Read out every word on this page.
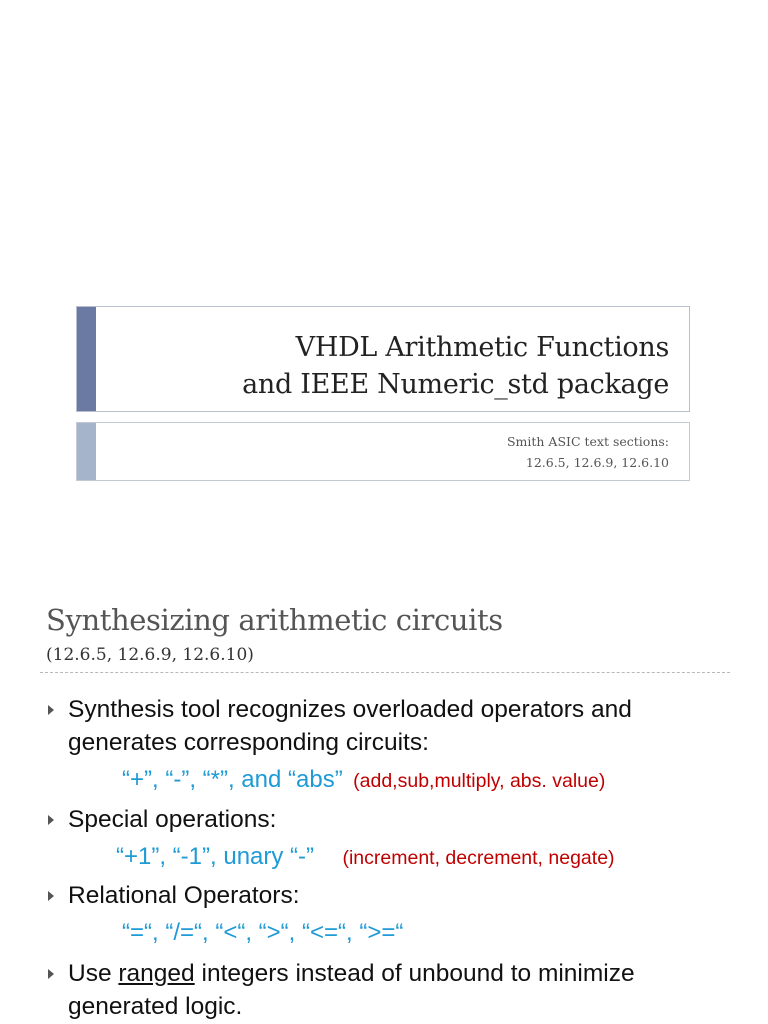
VHDL Arithmetic Functions
and IEEE Numeric_std package
Smith ASIC text sections:
12.6.5, 12.6.9, 12.6.10
Synthesizing arithmetic circuits
(12.6.5, 12.6.9, 12.6.10)
Synthesis tool recognizes overloaded operators and generates corresponding circuits:
“+”, “-”, “*”, and “abs” (add,sub,multiply, abs. value)
Special operations:
“+1”, “-1”, unary “-” (increment, decrement, negate)
Relational Operators:
“=“, “/=“, “<“, “>“, “<=“, “>=“
Use ranged integers instead of unbound to minimize generated logic.
